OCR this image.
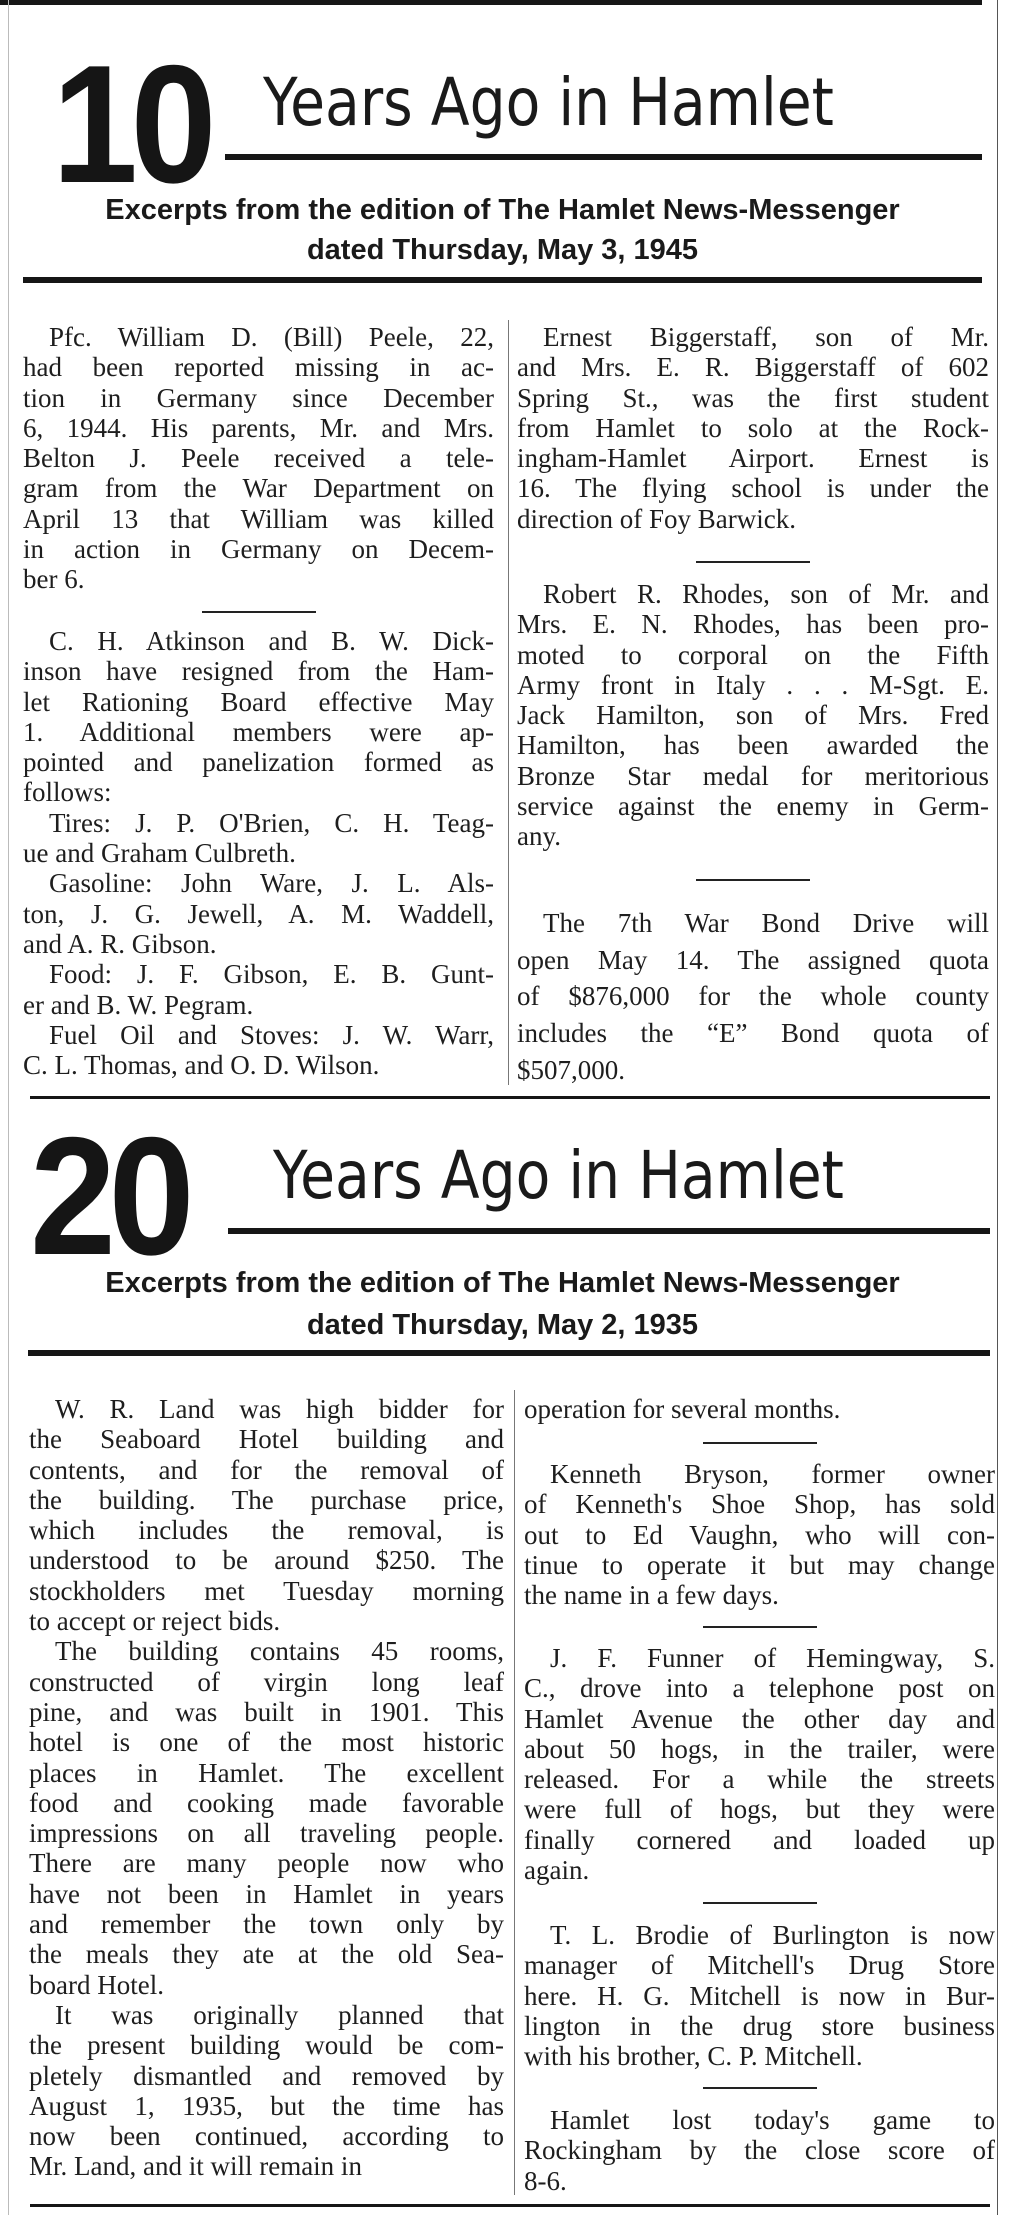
10 Years Ago in Hamlet
Excerpts from the edition of The Hamlet News-Messenger
dated Thursday, May 3, 1945
20 Years Ago in Hamlet
Excerpts from the edition of The Hamlet News-Messenger
dated Thursday, May 2, 1935
Pfc. William D. (Bill) Peele, 22,
had been reported missing in ac-
tion in Germany since December
6, 1944. His parents, Mr. and Mrs.
Belton J. Peele received a tele-
gram from the War Department on
April 13 that William was killed
in action in Germany on Decem-
ber 6.
C. H. Atkinson and B. W. Dick-
inson have resigned from the Ham-
let Rationing Board effective May
1. Additional members were ap-
pointed and panelization formed as
follows:
Tires: J. P. O'Brien, C. H. Teag-
ue and Graham Culbreth.
Gasoline: John Ware, J. L. Als-
ton, J. G. Jewell, A. M. Waddell,
and A. R. Gibson.
Food: J. F. Gibson, E. B. Gunt-
er and B. W. Pegram.
Fuel Oil and Stoves: J. W. Warr,
C. L. Thomas, and O. D. Wilson.
Ernest Biggerstaff, son of Mr.
and Mrs. E. R. Biggerstaff of 602
Spring St., was the first student
from Hamlet to solo at the Rock-
ingham-Hamlet Airport. Ernest is
16. The flying school is under the
direction of Foy Barwick.
Robert R. Rhodes, son of Mr. and
Mrs. E. N. Rhodes, has been pro-
moted to corporal on the Fifth
Army front in Italy . . . M-Sgt. E.
Jack Hamilton, son of Mrs. Fred
Hamilton, has been awarded the
Bronze Star medal for meritorious
service against the enemy in Germ-
any.
The 7th War Bond Drive will
open May 14. The assigned quota
of $876,000 for the whole county
includes the “E” Bond quota of
$507,000.
W. R. Land was high bidder for
the Seaboard Hotel building and
contents, and for the removal of
the building. The purchase price,
which includes the removal, is
understood to be around $250. The
stockholders met Tuesday morning
to accept or reject bids.
The building contains 45 rooms,
constructed of virgin long leaf
pine, and was built in 1901. This
hotel is one of the most historic
places in Hamlet. The excellent
food and cooking made favorable
impressions on all traveling people.
There are many people now who
have not been in Hamlet in years
and remember the town only by
the meals they ate at the old Sea-
board Hotel.
It was originally planned that
the present building would be com-
pletely dismantled and removed by
August 1, 1935, but the time has
now been continued, according to
Mr. Land, and it will remain in
operation for several months.
Kenneth Bryson, former owner
of Kenneth's Shoe Shop, has sold
out to Ed Vaughn, who will con-
tinue to operate it but may change
the name in a few days.
J. F. Funner of Hemingway, S.
C., drove into a telephone post on
Hamlet Avenue the other day and
about 50 hogs, in the trailer, were
released. For a while the streets
were full of hogs, but they were
finally cornered and loaded up
again.
T. L. Brodie of Burlington is now
manager of Mitchell's Drug Store
here. H. G. Mitchell is now in Bur-
lington in the drug store business
with his brother, C. P. Mitchell.
Hamlet lost today's game to
Rockingham by the close score of
8-6.
